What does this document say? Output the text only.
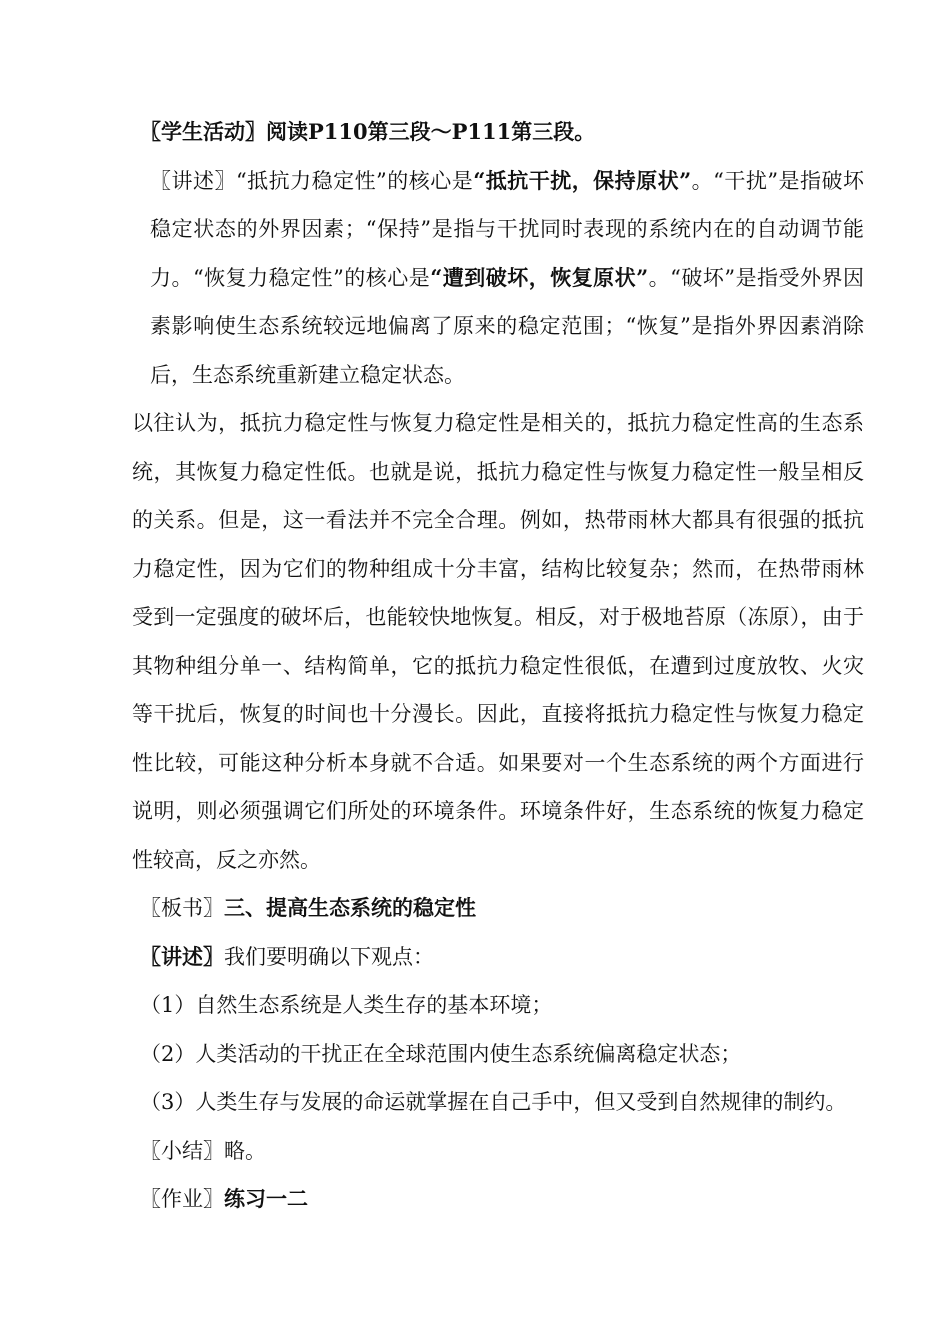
〖学生活动〗阅读P110第三段～P111第三段。

〖讲述〗“抵抗力稳定性”的核心是“抵抗干扰，保持原状”。“干扰”是指破坏稳定状态的外界因素；“保持”是指与干扰同时表现的系统内在的自动调节能力。“恢复力稳定性”的核心是“遭到破坏，恢复原状”。“破坏”是指受外界因素影响使生态系统较远地偏离了原来的稳定范围；“恢复”是指外界因素消除后，生态系统重新建立稳定状态。

以往认为，抵抗力稳定性与恢复力稳定性是相关的，抵抗力稳定性高的生态系统，其恢复力稳定性低。也就是说，抵抗力稳定性与恢复力稳定性一般呈相反的关系。但是，这一看法并不完全合理。例如，热带雨林大都具有很强的抵抗力稳定性，因为它们的物种组成十分丰富，结构比较复杂；然而，在热带雨林受到一定强度的破坏后，也能较快地恢复。相反，对于极地苔原（冻原），由于其物种组分单一、结构简单，它的抵抗力稳定性很低，在遭到过度放牧、火灾等干扰后，恢复的时间也十分漫长。因此，直接将抵抗力稳定性与恢复力稳定性比较，可能这种分析本身就不合适。如果要对一个生态系统的两个方面进行说明，则必须强调它们所处的环境条件。环境条件好，生态系统的恢复力稳定性较高，反之亦然。

〖板书〗三、提高生态系统的稳定性

〖讲述〗我们要明确以下观点：

（1）自然生态系统是人类生存的基本环境；

（2）人类活动的干扰正在全球范围内使生态系统偏离稳定状态；

（3）人类生存与发展的命运就掌握在自己手中，但又受到自然规律的制约。

〖小结〗略。

〖作业〗练习一二
